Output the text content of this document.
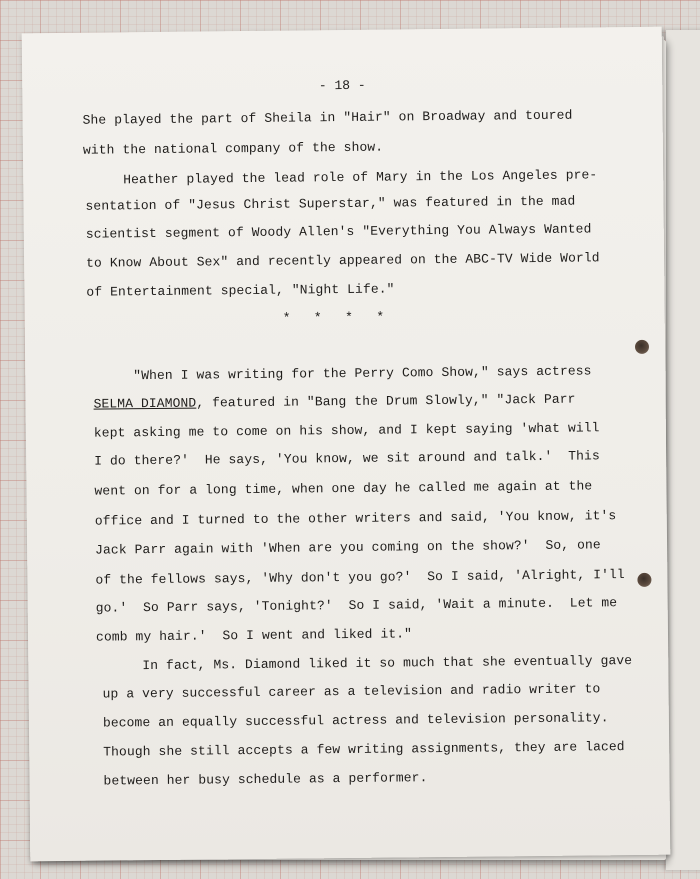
- 18 -
She played the part of Sheila in "Hair" on Broadway and toured
with the national company of the show.
Heather played the lead role of Mary in the Los Angeles pre-
sentation of "Jesus Christ Superstar," was featured in the mad
scientist segment of Woody Allen's "Everything You Always Wanted
to Know About Sex" and recently appeared on the ABC-TV Wide World
of Entertainment special, "Night Life."
*   *   *   *
"When I was writing for the Perry Como Show," says actress
SELMA DIAMOND, featured in "Bang the Drum Slowly," "Jack Parr
kept asking me to come on his show, and I kept saying 'what will
I do there?'  He says, 'You know, we sit around and talk.'  This
went on for a long time, when one day he called me again at the
office and I turned to the other writers and said, 'You know, it's
Jack Parr again with 'When are you coming on the show?'  So, one
of the fellows says, 'Why don't you go?'  So I said, 'Alright, I'll
go.'  So Parr says, 'Tonight?'  So I said, 'Wait a minute.  Let me
comb my hair.'  So I went and liked it."
In fact, Ms. Diamond liked it so much that she eventually gave
up a very successful career as a television and radio writer to
become an equally successful actress and television personality.
Though she still accepts a few writing assignments, they are laced
between her busy schedule as a performer.
